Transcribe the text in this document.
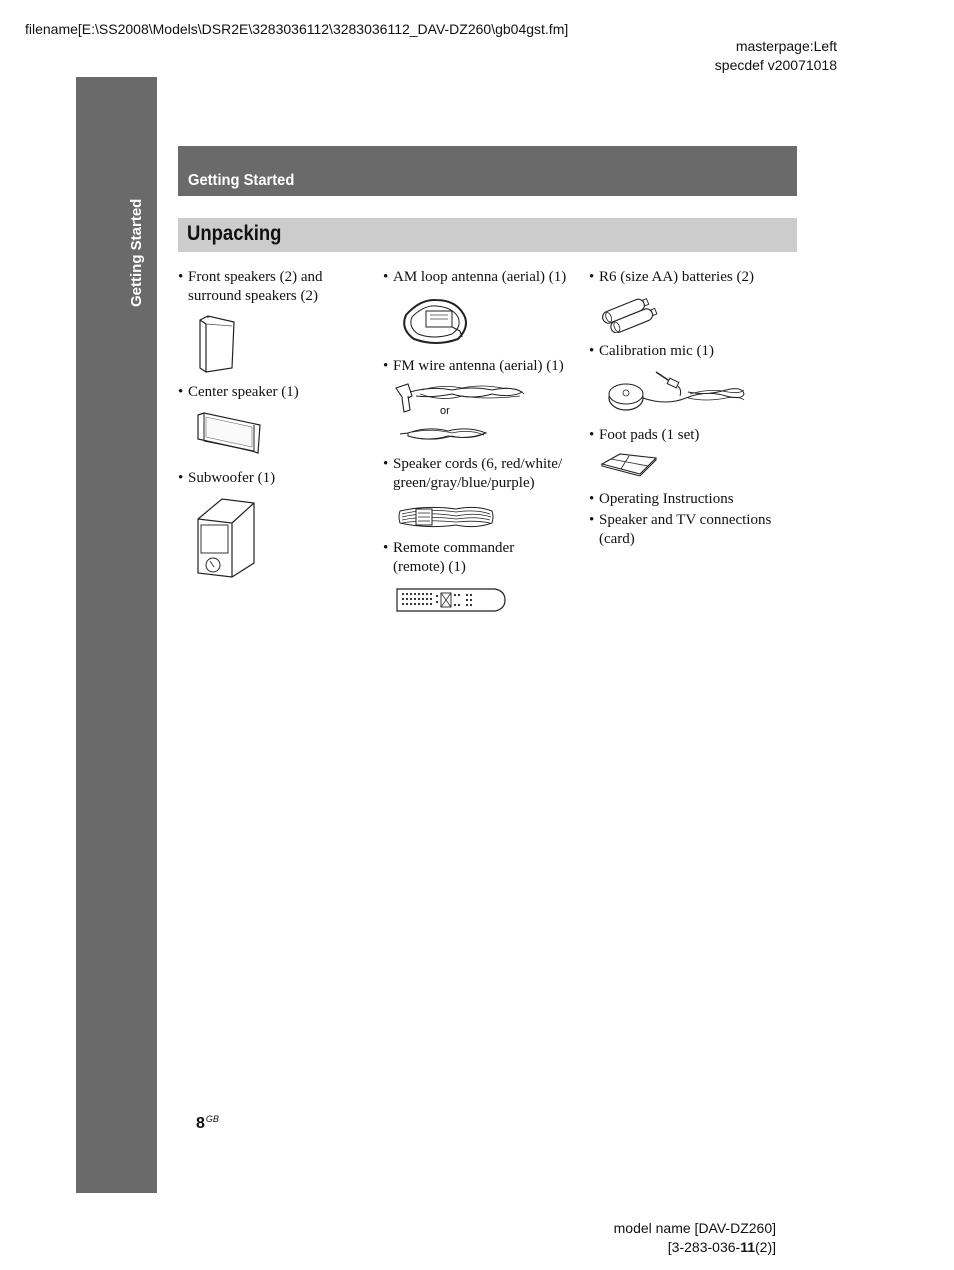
filename[E:\SS2008\Models\DSR2E\3283036112\3283036112_DAV-DZ260\gb04gst.fm]
masterpage:Left
specdef v20071018
Getting Started
Getting Started
Unpacking
• Front speakers (2) and surround speakers (2)
• Center speaker (1)
• Subwoofer (1)
• AM loop antenna (aerial) (1)
• FM wire antenna (aerial) (1)
or
• Speaker cords (6, red/white/ green/gray/blue/purple)
• Remote commander (remote) (1)
• R6 (size AA) batteries (2)
• Calibration mic (1)
• Foot pads (1 set)
• Operating Instructions
• Speaker and TV connections (card)
$8^{GB}$
model name [DAV-DZ260]
[3-283-036-11(2)]
